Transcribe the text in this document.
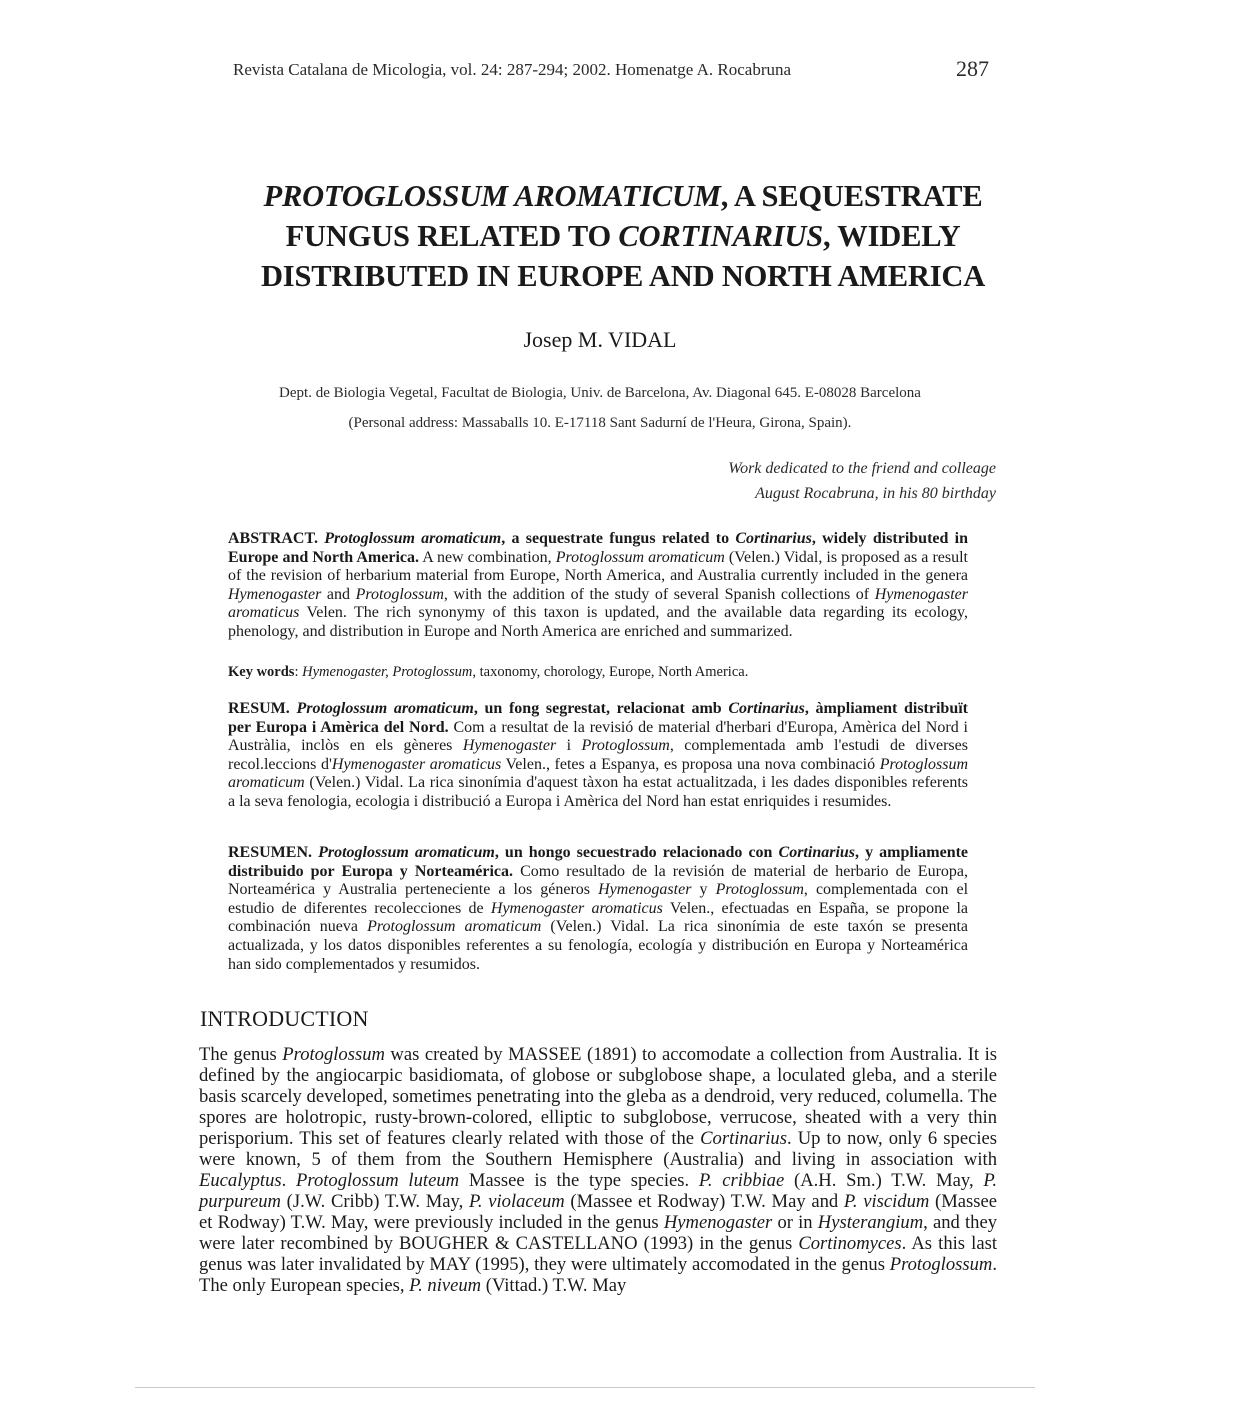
Revista Catalana de Micologia, vol. 24: 287-294; 2002. Homenatge A. Rocabruna	287
PROTOGLOSSUM AROMATICUM, A SEQUESTRATE
FUNGUS RELATED TO CORTINARIUS, WIDELY
DISTRIBUTED IN EUROPE AND NORTH AMERICA
Josep M. VIDAL
Dept. de Biologia Vegetal, Facultat de Biologia, Univ. de Barcelona, Av. Diagonal 645. E-08028 Barcelona
(Personal address: Massaballs 10. E-17118 Sant Sadurní de l'Heura, Girona, Spain).
Work dedicated to the friend and colleage
August Rocabruna, in his 80 birthday
ABSTRACT. Protoglossum aromaticum, a sequestrate fungus related to Cortinarius, widely distributed in Europe and North America. A new combination, Protoglossum aromaticum (Velen.) Vidal, is proposed as a result of the revision of herbarium material from Europe, North America, and Australia currently included in the genera Hymenogaster and Protoglossum, with the addition of the study of several Spanish collections of Hymenogaster aromaticus Velen. The rich synonymy of this taxon is updated, and the available data regarding its ecology, phenology, and distribution in Europe and North America are enriched and summarized.
Key words: Hymenogaster, Protoglossum, taxonomy, chorology, Europe, North America.
RESUM. Protoglossum aromaticum, un fong segrestat, relacionat amb Cortinarius, àmpliament distribuït per Europa i Amèrica del Nord. Com a resultat de la revisió de material d'herbari d'Europa, Amèrica del Nord i Austràlia, inclòs en els gèneres Hymenogaster i Protoglossum, complementada amb l'estudi de diverses recol.leccions d'Hymenogaster aromaticus Velen., fetes a Espanya, es proposa una nova combinació Protoglossum aromaticum (Velen.) Vidal. La rica sinonímia d'aquest tàxon ha estat actualitzada, i les dades disponibles referents a la seva fenologia, ecologia i distribució a Europa i Amèrica del Nord han estat enriquides i resumides.
RESUMEN. Protoglossum aromaticum, un hongo secuestrado relacionado con Cortinarius, y ampliamente distribuido por Europa y Norteamérica. Como resultado de la revisión de material de herbario de Europa, Norteamérica y Australia perteneciente a los géneros Hymenogaster y Protoglossum, complementada con el estudio de diferentes recolecciones de Hymenogaster aromaticus Velen., efectuadas en España, se propone la combinación nueva Protoglossum aromaticum (Velen.) Vidal. La rica sinonímia de este taxón se presenta actualizada, y los datos disponibles referentes a su fenología, ecología y distribución en Europa y Norteamérica han sido complementados y resumidos.
INTRODUCTION
The genus Protoglossum was created by MASSEE (1891) to accomodate a collection from Australia. It is defined by the angiocarpic basidiomata, of globose or subglobose shape, a loculated gleba, and a sterile basis scarcely developed, sometimes penetrating into the gleba as a dendroid, very reduced, columella. The spores are holotropic, rusty-brown-colored, elliptic to subglobose, verrucose, sheated with a very thin perisporium. This set of features clearly related with those of the Cortinarius. Up to now, only 6 species were known, 5 of them from the Southern Hemisphere (Australia) and living in association with Eucalyptus. Protoglossum luteum Massee is the type species. P. cribbiae (A.H. Sm.) T.W. May, P. purpureum (J.W. Cribb) T.W. May, P. violaceum (Massee et Rodway) T.W. May and P. viscidum (Massee et Rodway) T.W. May, were previously included in the genus Hymenogaster or in Hysterangium, and they were later recombined by BOUGHER & CASTELLANO (1993) in the genus Cortinomyces. As this last genus was later invalidated by MAY (1995), they were ultimately accomodated in the genus Protoglossum. The only European species, P. niveum (Vittad.) T.W. May
